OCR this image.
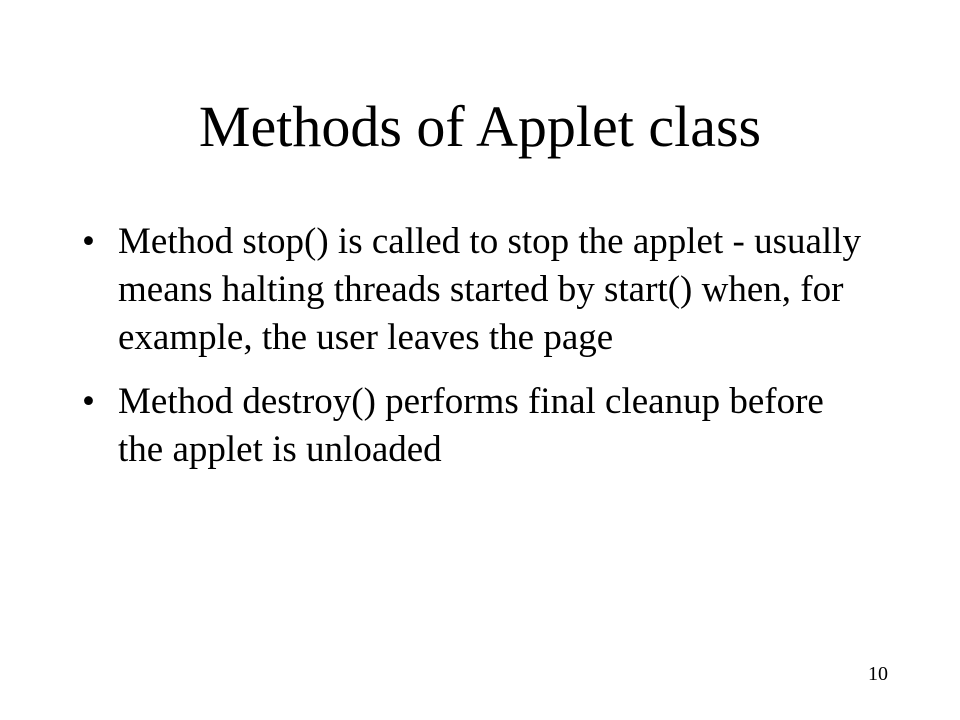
Methods of Applet class
• Method stop() is called to stop the applet - usually means halting threads started by start() when, for example, the user leaves the page
• Method destroy() performs final cleanup before the applet is unloaded
10
